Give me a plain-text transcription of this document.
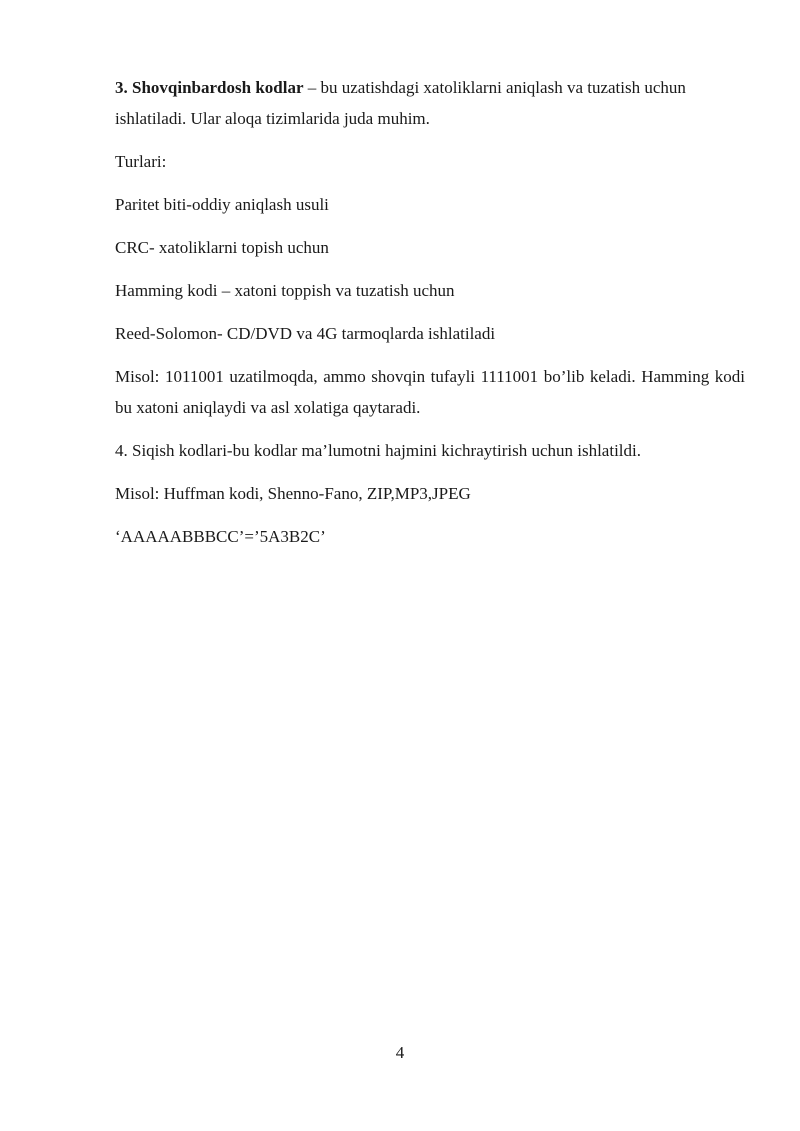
3. Shovqinbardosh kodlar – bu uzatishdagi xatoliklarni aniqlash va tuzatish uchun ishlatiladi. Ular aloqa tizimlarida juda muhim.

Turlari:

Paritet biti-oddiy aniqlash usuli

CRC- xatoliklarni topish uchun

Hamming kodi – xatoni toppish va tuzatish uchun

Reed-Solomon- CD/DVD va 4G tarmoqlarda ishlatiladi

Misol: 1011001 uzatilmoqda, ammo shovqin tufayli 1111001 bo’lib keladi. Hamming kodi bu xatoni aniqlaydi va asl xolatiga qaytaradi.

4. Siqish kodlari-bu kodlar ma’lumotni hajmini kichraytirish uchun ishlatildi.

Misol: Huffman kodi, Shenno-Fano, ZIP,MP3,JPEG

‘AAAAABBBCC’=’5A3B2C’

4
